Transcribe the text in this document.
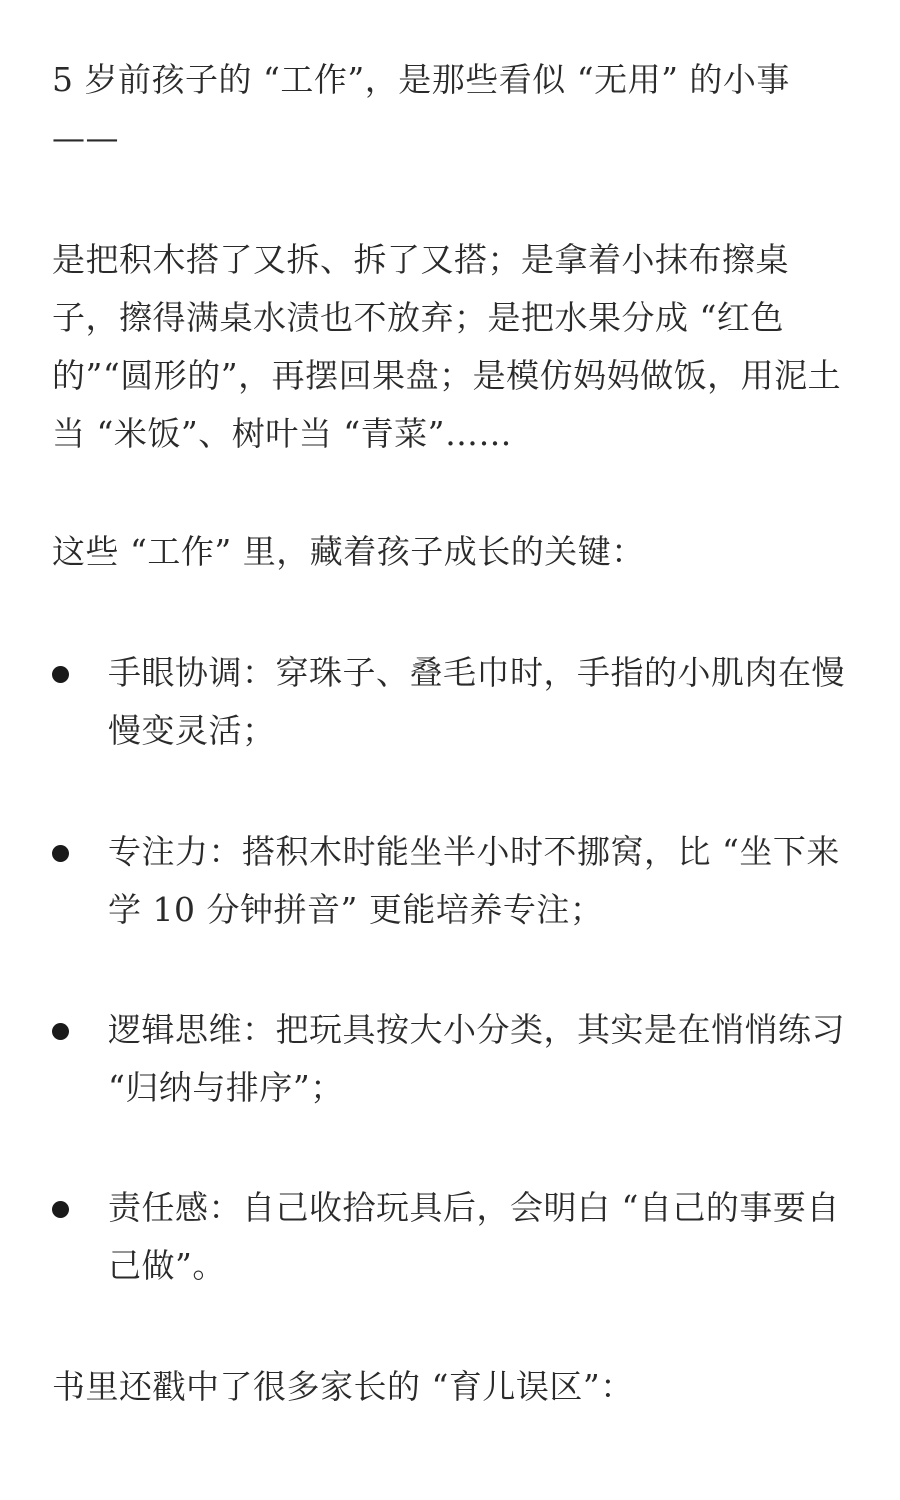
5 岁前孩子的 “工作”，是那些看似 “无用” 的小事——

是把积木搭了又拆、拆了又搭；是拿着小抹布擦桌子，擦得满桌水渍也不放弃；是把水果分成 “红色的”“圆形的”，再摆回果盘；是模仿妈妈做饭，用泥土当 “米饭”、树叶当 “青菜”……

这些 “工作” 里，藏着孩子成长的关键：

手眼协调：穿珠子、叠毛巾时，手指的小肌肉在慢慢变灵活；

专注力：搭积木时能坐半小时不挪窝，比 “坐下来学 10 分钟拼音” 更能培养专注；

逻辑思维：把玩具按大小分类，其实是在悄悄练习 “归纳与排序”；

责任感：自己收拾玩具后，会明白 “自己的事要自己做”。

书里还戳中了很多家长的 “育儿误区”：
